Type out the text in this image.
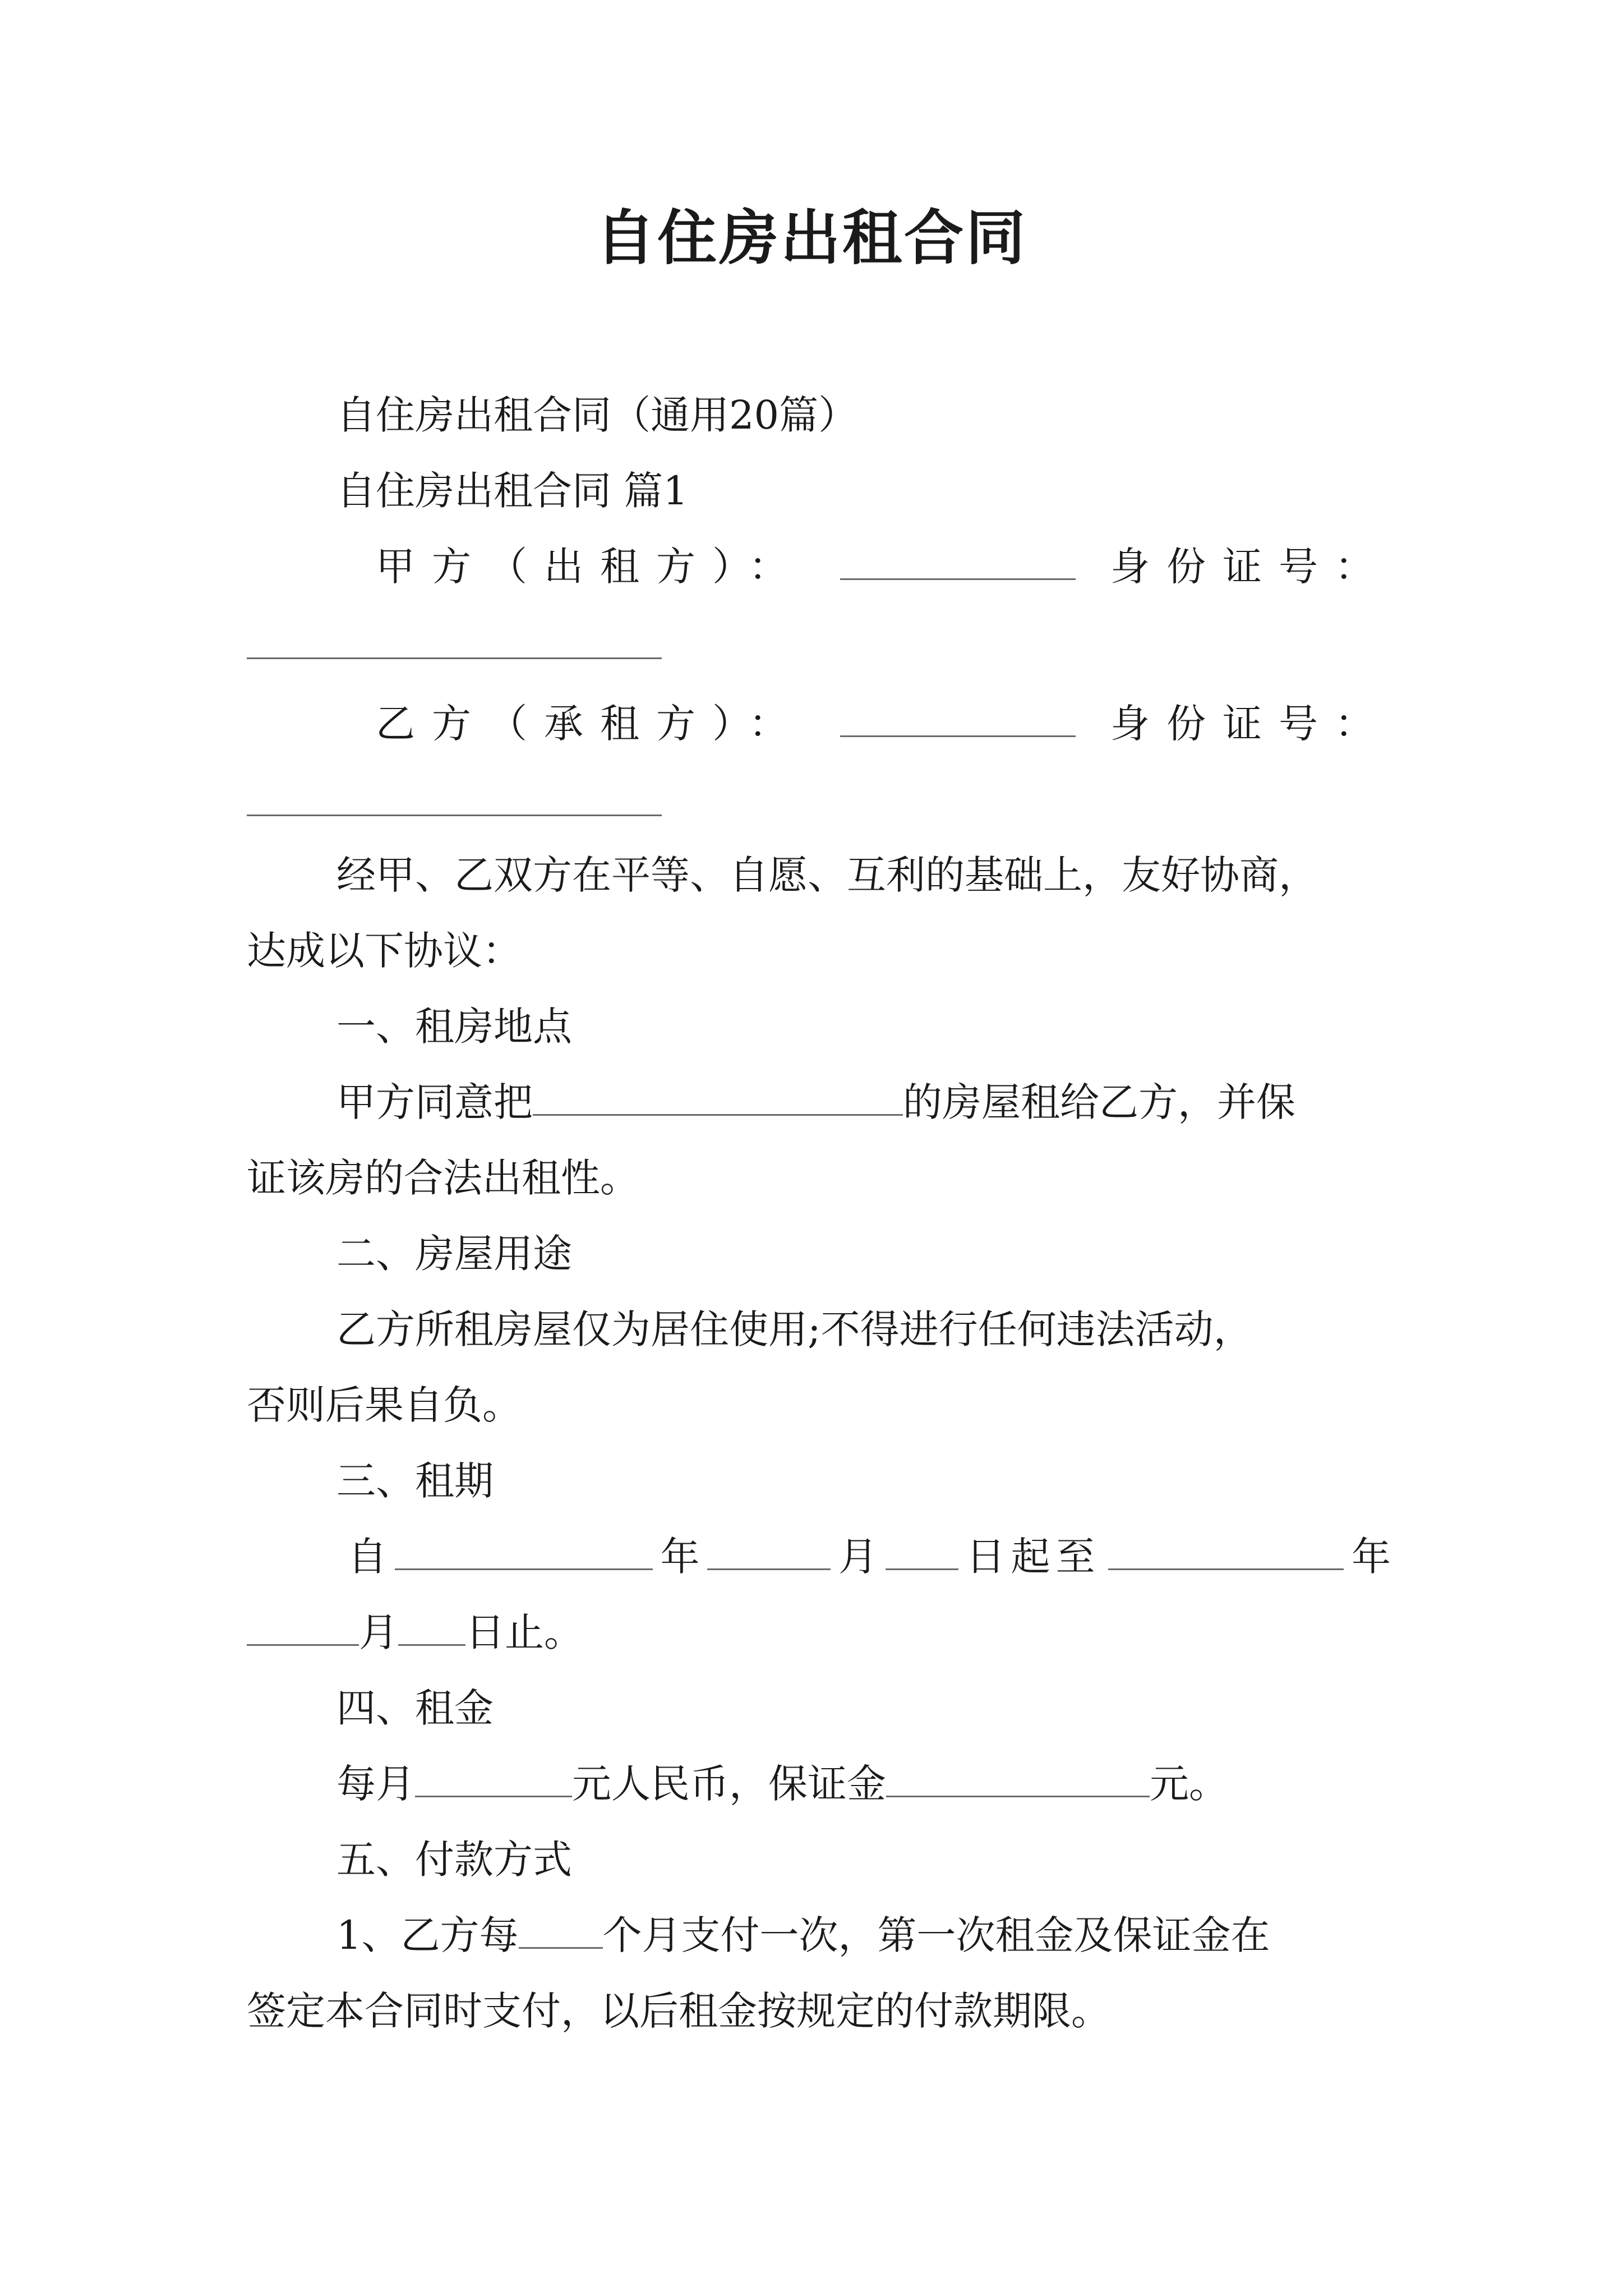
自住房出租合同
自住房出租合同（通用20篇）
自住房出租合同 篇1
甲方（出租方）：	身份证号：
乙方（承租方）：	身份证号：
经甲、乙双方在平等、自愿、互利的基础上，友好协商，
达成以下协议：
一、租房地点
甲方同意把	的房屋租给乙方，并保
证该房的合法出租性。
二、房屋用途
乙方所租房屋仅为居住使用;不得进行任何违法活动，
否则后果自负。
三、租期
自	年	月 日起至	年
月 日止。
四、租金
每月	元人民币，保证金	元。
五、付款方式
1、乙方每 个月支付一次，第一次租金及保证金在
签定本合同时支付，以后租金按规定的付款期限。
